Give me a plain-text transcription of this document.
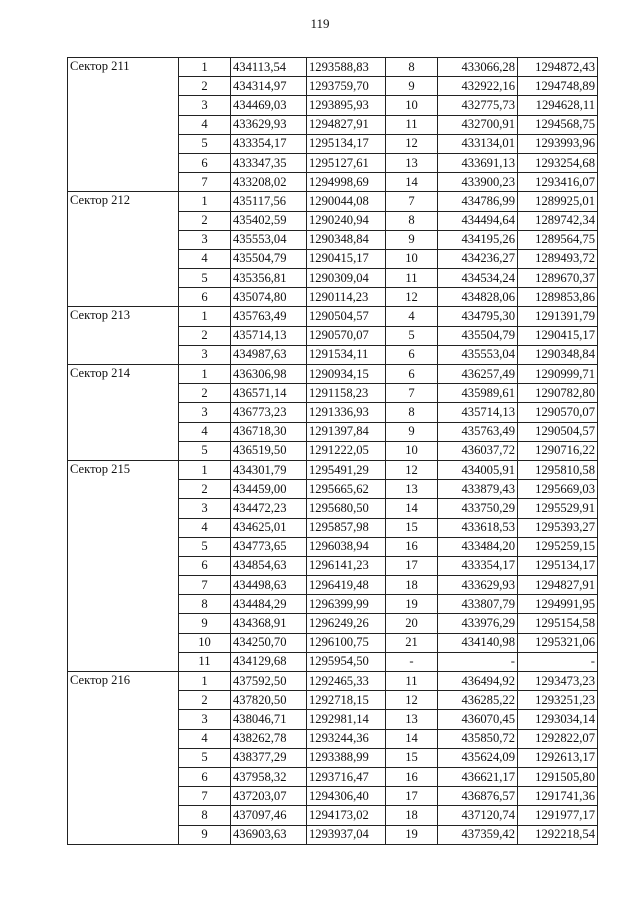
119
Сектор 211	1	434113,54	1293588,83	8	433066,28	1294872,43
	2	434314,97	1293759,70	9	432922,16	1294748,89
	3	434469,03	1293895,93	10	432775,73	1294628,11
	4	433629,93	1294827,91	11	432700,91	1294568,75
	5	433354,17	1295134,17	12	433134,01	1293993,96
	6	433347,35	1295127,61	13	433691,13	1293254,68
	7	433208,02	1294998,69	14	433900,23	1293416,07
Сектор 212	1	435117,56	1290044,08	7	434786,99	1289925,01
	2	435402,59	1290240,94	8	434494,64	1289742,34
	3	435553,04	1290348,84	9	434195,26	1289564,75
	4	435504,79	1290415,17	10	434236,27	1289493,72
	5	435356,81	1290309,04	11	434534,24	1289670,37
	6	435074,80	1290114,23	12	434828,06	1289853,86
Сектор 213	1	435763,49	1290504,57	4	434795,30	1291391,79
	2	435714,13	1290570,07	5	435504,79	1290415,17
	3	434987,63	1291534,11	6	435553,04	1290348,84
Сектор 214	1	436306,98	1290934,15	6	436257,49	1290999,71
	2	436571,14	1291158,23	7	435989,61	1290782,80
	3	436773,23	1291336,93	8	435714,13	1290570,07
	4	436718,30	1291397,84	9	435763,49	1290504,57
	5	436519,50	1291222,05	10	436037,72	1290716,22
Сектор 215	1	434301,79	1295491,29	12	434005,91	1295810,58
	2	434459,00	1295665,62	13	433879,43	1295669,03
	3	434472,23	1295680,50	14	433750,29	1295529,91
	4	434625,01	1295857,98	15	433618,53	1295393,27
	5	434773,65	1296038,94	16	433484,20	1295259,15
	6	434854,63	1296141,23	17	433354,17	1295134,17
	7	434498,63	1296419,48	18	433629,93	1294827,91
	8	434484,29	1296399,99	19	433807,79	1294991,95
	9	434368,91	1296249,26	20	433976,29	1295154,58
	10	434250,70	1296100,75	21	434140,98	1295321,06
	11	434129,68	1295954,50	-	-	-
Сектор 216	1	437592,50	1292465,33	11	436494,92	1293473,23
	2	437820,50	1292718,15	12	436285,22	1293251,23
	3	438046,71	1292981,14	13	436070,45	1293034,14
	4	438262,78	1293244,36	14	435850,72	1292822,07
	5	438377,29	1293388,99	15	435624,09	1292613,17
	6	437958,32	1293716,47	16	436621,17	1291505,80
	7	437203,07	1294306,40	17	436876,57	1291741,36
	8	437097,46	1294173,02	18	437120,74	1291977,17
	9	436903,63	1293937,04	19	437359,42	1292218,54
